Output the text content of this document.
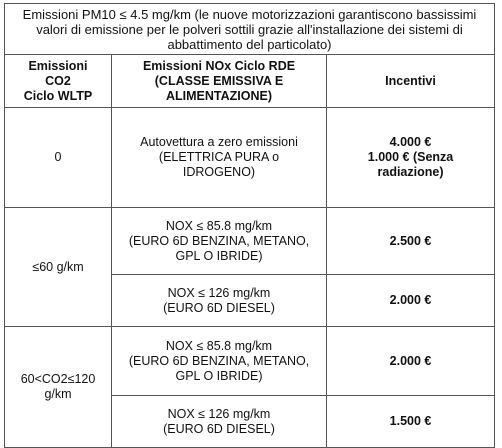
Emissioni PM10 ≤ 4.5 mg/km (le nuove motorizzazioni garantiscono bassissimi valori di emissione per le polveri sottili grazie all'installazione dei sistemi di abbattimento del particolato)		

Emissioni
CO2
Ciclo WLTP	Emissioni NOx Ciclo RDE
(CLASSE EMISSIVA E
ALIMENTAZIONE)	Incentivi
0	Autovettura a zero emissioni
(ELETTRICA PURA o
IDROGENO)	4.000 €
1.000 € (Senza
radiazione)

≤60 g/km	NOX ≤ 85.8 mg/km
(EURO 6D BENZINA, METANO,
GPL O IBRIDE)	2.500 €

	NOX ≤ 126 mg/km
(EURO 6D DIESEL)	2.000 €

60<CO2≤120
g/km	NOX ≤ 85.8 mg/km
(EURO 6D BENZINA, METANO,
GPL O IBRIDE)	2.000 €

	NOX ≤ 126 mg/km
(EURO 6D DIESEL)	1.500 €
